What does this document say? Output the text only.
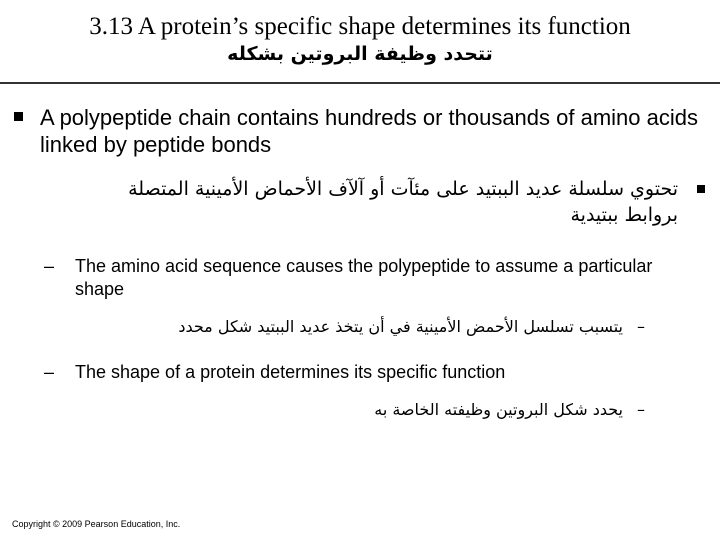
3.13 A protein’s specific shape determines its function
تتحدد وظيفة البروتين بشكله
A polypeptide chain contains hundreds or thousands of amino acids linked by peptide bonds
تحتوي سلسلة عديد الببتيد على مئآت أو آلآف الأحماض الأمينية المتصلة بروابط ببتيدية
– The amino acid sequence causes the polypeptide to assume a particular shape
–
يتسبب تسلسل الأحمض الأمينية في أن يتخذ عديد الببتيد شكل محدد
– The shape of a protein determines its specific function
–
يحدد شكل البروتين وظيفته الخاصة به
Copyright © 2009 Pearson Education, Inc.
